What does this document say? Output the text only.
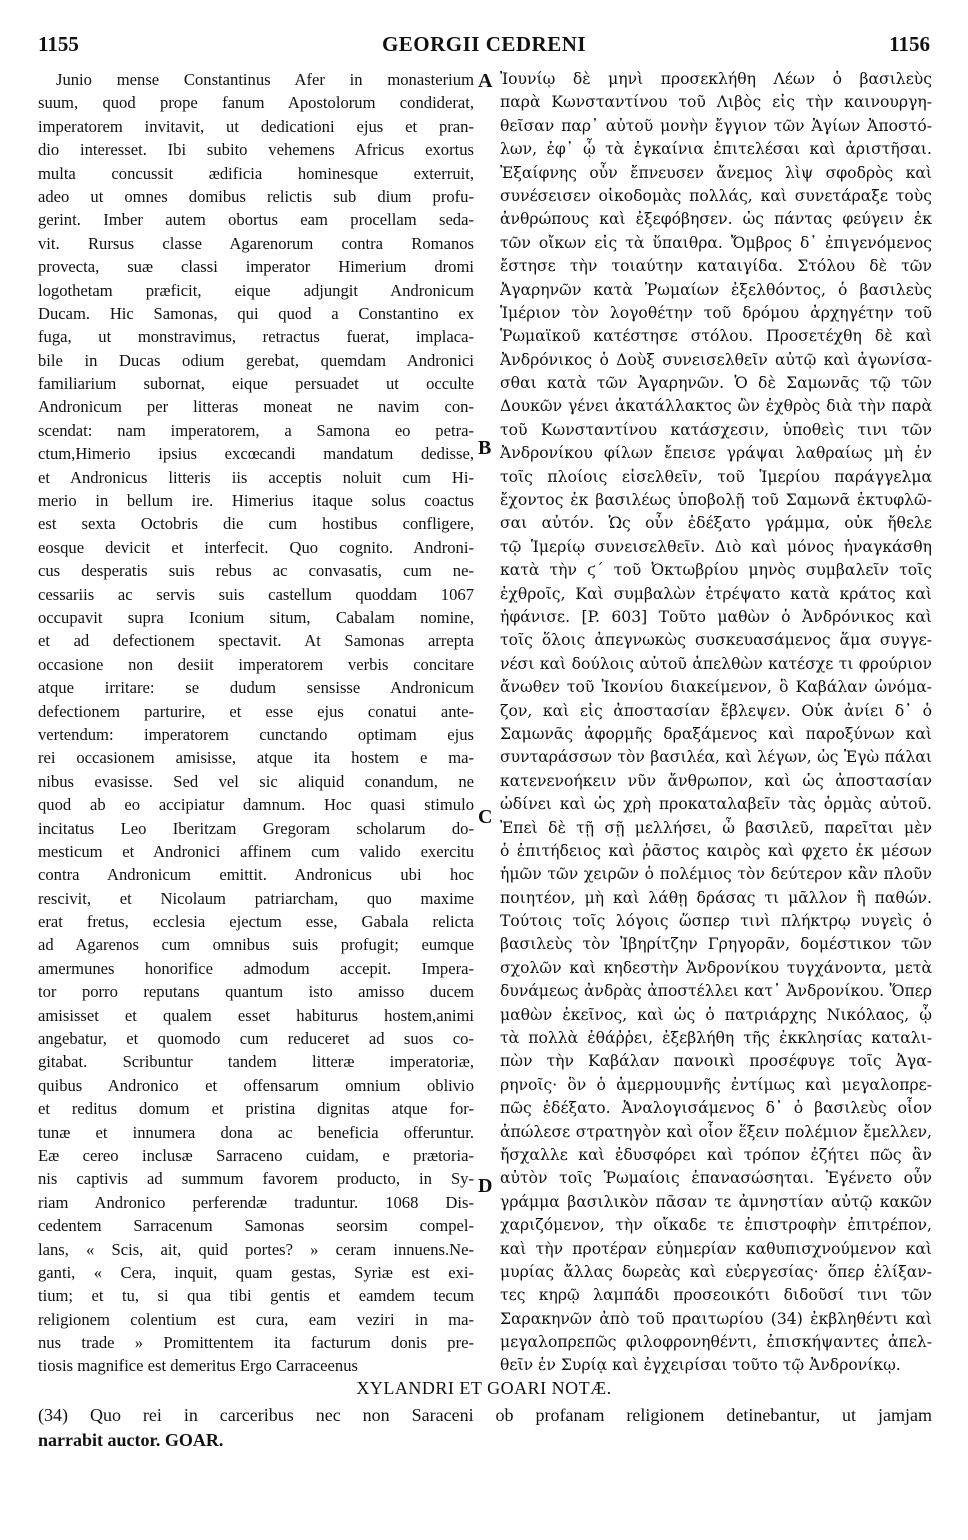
1155	GEORGII CEDRENI	1156
Junio mense Constantinus Afer in monasterium
suum, quod prope fanum Apostolorum condiderat,
imperatorem invitavit, ut dedicationi ejus et pran-
dio interesset. Ibi subito vehemens Africus exortus
multa concussit ædificia hominesque exterruit,
adeo ut omnes domibus relictis sub dium profu-
gerint. Imber autem obortus eam procellam seda-
vit. Rursus classe Agarenorum contra Romanos
provecta, suæ classi imperator Himerium dromi
logothetam præficit, eique adjungit Andronicum
Ducam. Hic Samonas, qui quod a Constantino ex
fuga, ut monstravimus, retractus fuerat, implaca-
bile in Ducas odium gerebat, quemdam Andronici
familiarium subornat, eique persuadet ut occulte
Andronicum per litteras moneat ne navim con-
scendat: nam imperatorem, a Samona eo petra-
ctum,Himerio ipsius excœcandi mandatum dedisse,
et Andronicus litteris iis acceptis noluit cum Hi-
merio in bellum ire. Himerius itaque solus coactus
est sexta Octobris die cum hostibus confligere,
eosque devicit et interfecit. Quo cognito. Androni-
cus desperatis suis rebus ac convasatis, cum ne-
cessariis ac servis suis castellum quoddam 1067
occupavit supra Iconium situm, Cabalam nomine,
et ad defectionem spectavit. At Samonas arrepta
occasione non desiit imperatorem verbis concitare
atque irritare: se dudum sensisse Andronicum
defectionem parturire, et esse ejus conatui ante-
vertendum: imperatorem cunctando optimam ejus
rei occasionem amisisse, atque ita hostem e ma-
nibus evasisse. Sed vel sic aliquid conandum, ne
quod ab eo accipiatur damnum. Hoc quasi stimulo
incitatus Leo Iberitzam Gregoram scholarum do-
mesticum et Andronici affinem cum valido exercitu
contra Andronicum emittit. Andronicus ubi hoc
rescivit, et Nicolaum patriarcham, quo maxime
erat fretus, ecclesia ejectum esse, Gabala relicta
ad Agarenos cum omnibus suis profugit; eumque
amermunes honorifice admodum accepit. Impera-
tor porro reputans quantum isto amisso ducem
amisisset et qualem esset habiturus hostem,animi
angebatur, et quomodo cum reduceret ad suos co-
gitabat. Scribuntur tandem litteræ imperatoriæ,
quibus Andronico et offensarum omnium oblivio
et reditus domum et pristina dignitas atque for-
tunæ et innumera dona ac beneficia offeruntur.
Eæ cereo inclusæ Sarraceno cuidam, e prætoria-
nis captivis ad summum favorem producto, in Sy-
riam Andronico perferendæ traduntur. 1068 Dis-
cedentem Sarracenum Samonas seorsim compel-
lans, « Scis, ait, quid portes? » ceram innuens.Ne-
ganti, « Cera, inquit, quam gestas, Syriæ est exi-
tium; et tu, si qua tibi gentis et eamdem tecum
religionem colentium est cura, eam veziri in ma-
nus trade » Promittentem ita facturum donis pre-
tiosis magnifice est demeritus Ergo Carraceenus
Ἰουνίῳ δὲ μηνὶ προσεκλήθη Λέων ὁ βασιλεὺς
παρὰ Κωνσταντίνου τοῦ Λιβὸς εἰς τὴν καινουργη-
θεῖσαν παρ᾽ αὐτοῦ μονὴν ἔγγιον τῶν Ἁγίων Ἀποστό-
λων, ἐφ᾽ ᾧ τὰ ἐγκαίνια ἐπιτελέσαι καὶ ἀριστῆσαι.
Ἐξαίφνης οὖν ἔπνευσεν ἄνεμος λὶψ σφοδρὸς καὶ
συνέσεισεν οἰκοδομὰς πολλάς, καὶ συνετάραξε τοὺς
ἀνθρώπους καὶ ἐξεφόβησεν. ὡς πάντας φεύγειν ἐκ
τῶν οἴκων εἰς τὰ ὕπαιθρα. Ὄμβρος δ᾽ ἐπιγενόμενος
ἔστησε τὴν τοιαύτην καταιγίδα. Στόλου δὲ τῶν
Ἀγαρηνῶν κατὰ Ῥωμαίων ἐξελθόντος, ὁ βασιλεὺς
Ἱμέριον τὸν λογοθέτην τοῦ δρόμου ἀρχηγέτην τοῦ
Ῥωμαϊκοῦ κατέστησε στόλου. Προσετέχθη δὲ καὶ
Ἀνδρόνικος ὁ Δοὺξ συνεισελθεῖν αὐτῷ καὶ ἀγωνίσα-
σθαι κατὰ τῶν Ἀγαρηνῶν. Ὁ δὲ Σαμωνᾶς τῷ τῶν
Δουκῶν γένει ἀκατάλλακτος ὢν ἐχθρὸς διὰ τὴν παρὰ
τοῦ Κωνσταντίνου κατάσχεσιν, ὑποθεὶς τινι τῶν
Ἀνδρονίκου φίλων ἔπεισε γράψαι λαθραίως μὴ ἐν
τοῖς πλοίοις εἰσελθεῖν, τοῦ Ἱμερίου παράγγελμα
ἔχοντος ἐκ βασιλέως ὑποβολῇ τοῦ Σαμωνᾶ ἐκτυφλῶ-
σαι αὐτόν. Ὡς οὖν ἐδέξατο γράμμα, οὐκ ἤθελε
τῷ Ἱμερίῳ συνεισελθεῖν. Διὸ καὶ μόνος ἠναγκάσθη
κατὰ τὴν ϛ´ τοῦ Ὀκτωβρίου μηνὸς συμβαλεῖν τοῖς
ἐχθροῖς, Καὶ συμβαλὼν ἐτρέψατο κατὰ κράτος καὶ
ἠφάνισε. [P. 603] Τοῦτο μαθὼν ὁ Ἀνδρόνικος καὶ
τοῖς ὅλοις ἀπεγνωκὼς συσκευασάμενος ἅμα συγγε-
νέσι καὶ δούλοις αὐτοῦ ἀπελθὼν κατέσχε τι φρούριον
ἄνωθεν τοῦ Ἰκονίου διακείμενον, ὃ Καβάλαν ὠνόμα-
ζον, καὶ εἰς ἀποστασίαν ἔβλεψεν. Οὐκ ἀνίει δ᾽ ὁ
Σαμωνᾶς ἀφορμῆς δραξάμενος καὶ παροξύνων καὶ
συνταράσσων τὸν βασιλέα, καὶ λέγων, ὡς Ἐγὼ πάλαι
κατενενοήκειν νῦν ἄνθρωπον, καὶ ὡς ἀποστασίαν
ὠδίνει καὶ ὡς χρὴ προκαταλαβεῖν τὰς ὁρμὰς αὐτοῦ.
Ἐπεὶ δὲ τῇ σῇ μελλήσει, ὦ βασιλεῦ, παρεῖται μὲν
ὁ ἐπιτήδειος καὶ ῥᾶστος καιρὸς καὶ φχετο ἐκ μέσων
ἡμῶν τῶν χειρῶν ὁ πολέμιος τὸν δεύτερον κἂν πλοῦν
ποιητέον, μὴ καὶ λάθῃ δράσας τι μᾶλλον ἢ παθών.
Τούτοις τοῖς λόγοις ὥσπερ τινὶ πλήκτρῳ νυγεὶς ὁ
βασιλεὺς τὸν Ἰβηρίτζην Γρηγορᾶν, δομέστικον τῶν
σχολῶν καὶ κηδεστὴν Ἀνδρονίκου τυγχάνοντα, μετὰ
δυνάμεως ἀνδρὰς ἀποστέλλει κατ᾽ Ἀνδρονίκου. Ὅπερ
μαθὼν ἐκεῖνος, καὶ ὡς ὁ πατριάρχης Νικόλαος, ᾧ
τὰ πολλὰ ἐθάῤῥει, ἐξεβλήθη τῆς ἐκκλησίας καταλι-
πὼν τὴν Καβάλαν πανοικὶ προσέφυγε τοῖς Ἀγα-
ρηνοῖς· ὃν ὁ ἀμερμουμνῆς ἐντίμως καὶ μεγαλοπρε-
πῶς ἐδέξατο. Ἀναλογισάμενος δ᾽ ὁ βασιλεὺς οἷον
ἀπώλεσε στρατηγὸν καὶ οἷον ἕξειν πολέμιον ἔμελλεν,
ἤσχαλλε καὶ ἐδυσφόρει καὶ τρόπον ἐζήτει πῶς ἂν
αὐτὸν τοῖς Ῥωμαίοις ἐπανασώσηται. Ἐγένετο οὖν
γράμμα βασιλικὸν πᾶσαν τε ἀμνηστίαν αὐτῷ κακῶν
χαριζόμενον, τὴν οἴκαδε τε ἐπιστροφὴν ἐπιτρέπον,
καὶ τὴν προτέραν εὐημερίαν καθυπισχνούμενον καὶ
μυρίας ἄλλας δωρεὰς καὶ εὐεργεσίας· ὅπερ ἐλίξαν-
τες κηρῷ λαμπάδι προσεοικότι διδοῦσί τινι τῶν
Σαρακηνῶν ἀπὸ τοῦ πραιτωρίου (34) ἐκβληθέντι καὶ
μεγαλοπρεπῶς φιλοφρονηθέντι, ἐπισκήψαντες ἀπελ-
θεῖν ἐν Συρίᾳ καὶ ἐγχειρίσαι τοῦτο τῷ Ἀνδρονίκῳ.
A
B
C
D
XYLANDRI ET GOARI NOTÆ.
(34) Quo rei in carceribus nec non Saraceni ob profanam religionem detinebantur, ut jamjam
narrabit auctor. GOAR.
